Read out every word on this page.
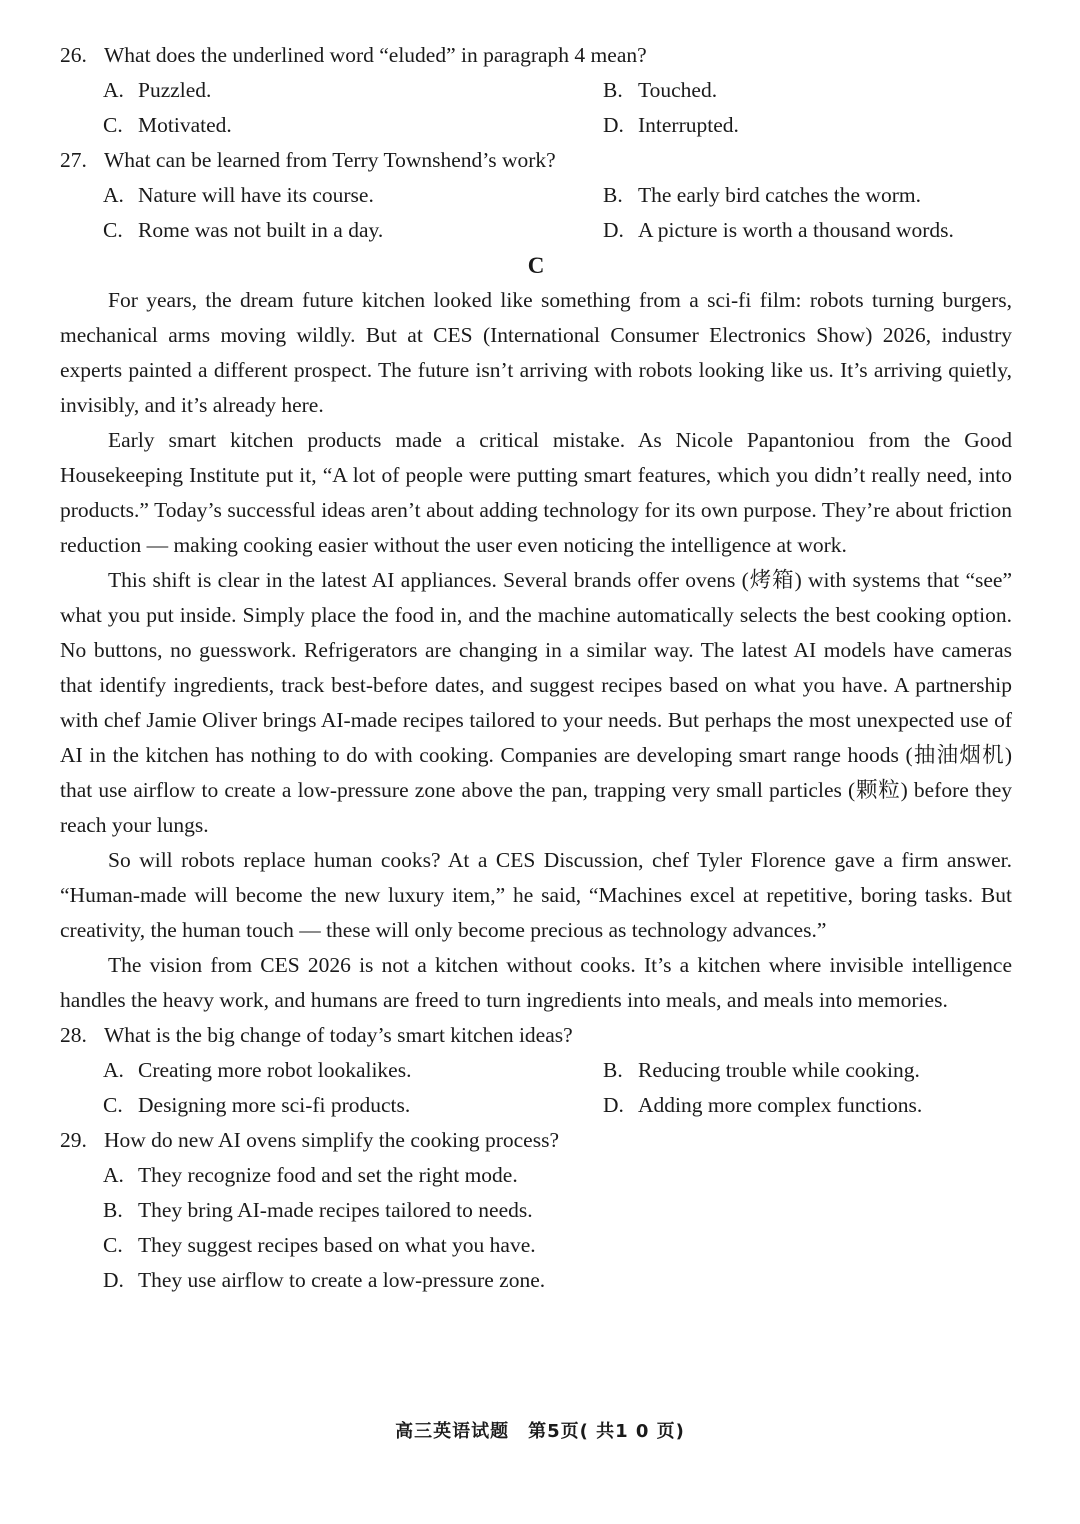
26. What does the underlined word “eluded” in paragraph 4 mean?
A. Puzzled.	B. Touched.
C. Motivated.	D. Interrupted.
27. What can be learned from Terry Townshend’s work?
A. Nature will have its course.	B. The early bird catches the worm.
C. Rome was not built in a day.	D. A picture is worth a thousand words.
C

For years, the dream future kitchen looked like something from a sci-fi film: robots turning burgers, mechanical arms moving wildly. But at CES (International Consumer Electronics Show) 2026, industry experts painted a different prospect. The future isn’t arriving with robots looking like us. It’s arriving quietly, invisibly, and it’s already here.

Early smart kitchen products made a critical mistake. As Nicole Papantoniou from the Good Housekeeping Institute put it, “A lot of people were putting smart features, which you didn’t really need, into products.” Today’s successful ideas aren’t about adding technology for its own purpose. They’re about friction reduction — making cooking easier without the user even noticing the intelligence at work.

This shift is clear in the latest AI appliances. Several brands offer ovens (烤箱) with systems that “see” what you put inside. Simply place the food in, and the machine automatically selects the best cooking option. No buttons, no guesswork. Refrigerators are changing in a similar way. The latest AI models have cameras that identify ingredients, track best-before dates, and suggest recipes based on what you have. A partnership with chef Jamie Oliver brings AI-made recipes tailored to your needs. But perhaps the most unexpected use of AI in the kitchen has nothing to do with cooking. Companies are developing smart range hoods (抽油烟机) that use airflow to create a low-pressure zone above the pan, trapping very small particles (颗粒) before they reach your lungs.

So will robots replace human cooks? At a CES Discussion, chef Tyler Florence gave a firm answer. “Human-made will become the new luxury item,” he said, “Machines excel at repetitive, boring tasks. But creativity, the human touch — these will only become precious as technology advances.”

The vision from CES 2026 is not a kitchen without cooks. It’s a kitchen where invisible intelligence handles the heavy work, and humans are freed to turn ingredients into meals, and meals into memories.

28. What is the big change of today’s smart kitchen ideas?
A. Creating more robot lookalikes.	B. Reducing trouble while cooking.
C. Designing more sci-fi products.	D. Adding more complex functions.
29. How do new AI ovens simplify the cooking process?
A. They recognize food and set the right mode.
B. They bring AI-made recipes tailored to needs.
C. They suggest recipes based on what you have.
D. They use airflow to create a low-pressure zone.
高三英语试题　第5页( 共1 0 页)
